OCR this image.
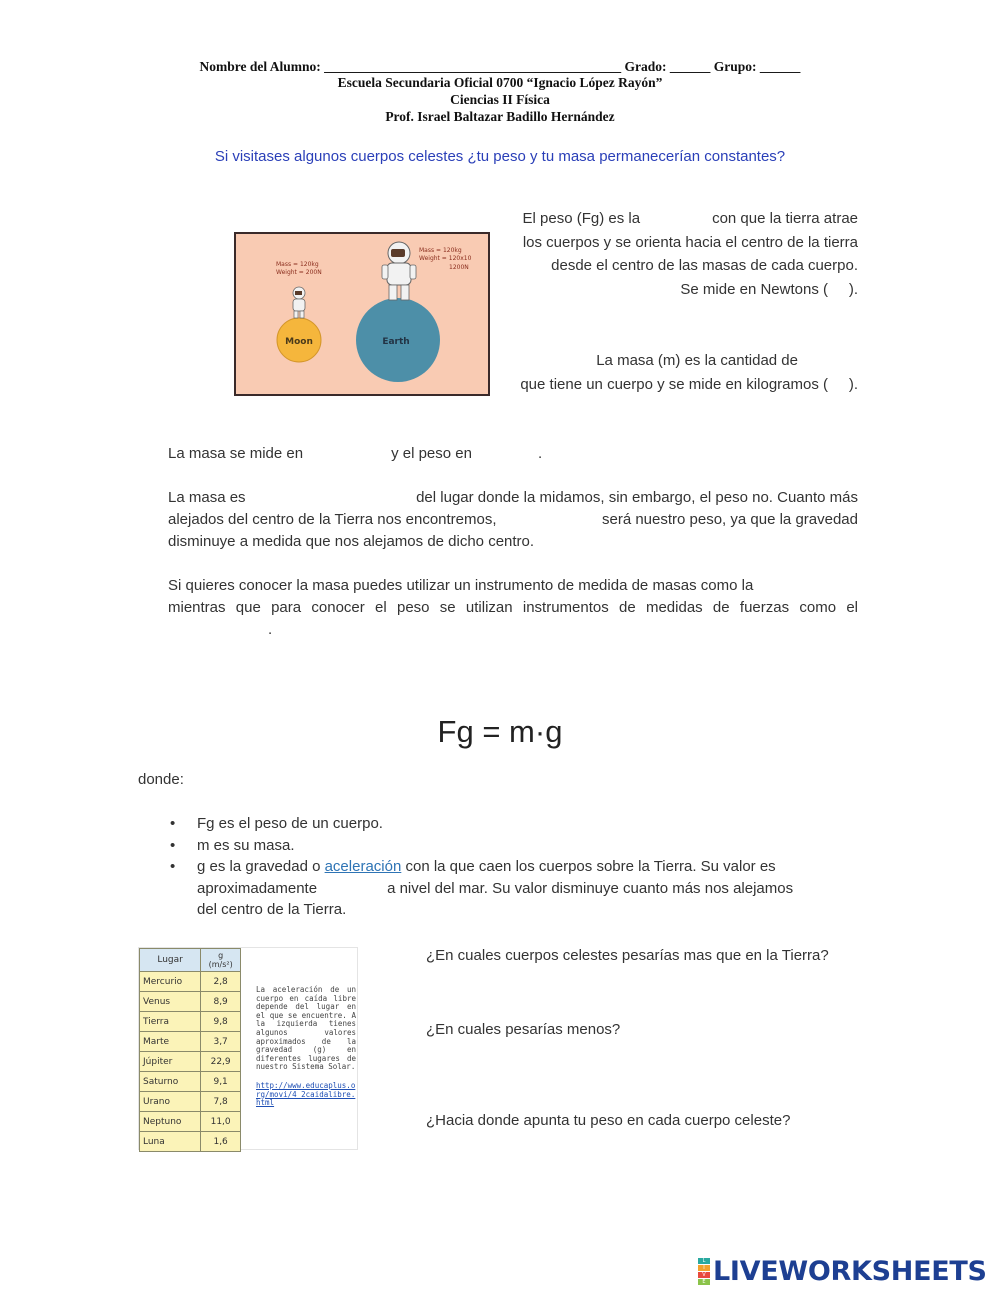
Nombre del Alumno: ____________________________________________ Grado: ______ Grupo: ______
Escuela Secundaria Oficial 0700 “Ignacio López Rayón”
Ciencias II Física
Prof. Israel Baltazar Badillo Hernández
Si visitases algunos cuerpos celestes ¿tu peso y tu masa permanecerían constantes?
Moon	Earth
Mass = 120kg
Weight = 200N
Mass = 120kg
Weight = 120x10
1200N
El peso (Fg) es la	con que la tierra atrae
los cuerpos y se orienta hacia el centro de la tierra
desde el centro de las masas de cada cuerpo.
Se mide en Newtons (     ).
La masa (m) es la cantidad de
que tiene un cuerpo y se mide en kilogramos (     ).
La masa se mide en	y el peso en	.
La masa es	del lugar donde la midamos, sin embargo, el peso no. Cuanto más
alejados del centro de la Tierra nos encontremos,	será nuestro peso, ya que la gravedad
disminuye a medida que nos alejamos de dicho centro.
Si quieres conocer la masa puedes utilizar un instrumento de medida de masas como la
mientras que para conocer el peso se utilizan instrumentos de medidas de fuerzas como el
.
Fg = m·g
donde:
• Fg es el peso de un cuerpo.
• m es su masa.
• g es la gravedad o aceleración con la que caen los cuerpos sobre la Tierra. Su valor es
aproximadamente	a nivel del mar. Su valor disminuye cuanto más nos alejamos
del centro de la Tierra.
Lugar	g
(m/s²)

Mercurio	2,8
Venus	8,9
Tierra	9,8
Marte	3,7
Júpiter	22,9
Saturno	9,1
Urano	7,8
Neptuno	11,0
Luna	1,6
La aceleración de un cuerpo en caída libre depende del lugar en el que se encuentre. A la izquierda tienes algunos valores aproximados de la gravedad (g) en diferentes lugares de nuestro Sistema Solar.
http://www.educaplus.org/movi/4_2caidalibre.html
¿En cuales cuerpos celestes pesarías mas que en la Tierra?
¿En cuales pesarías menos?
¿Hacia donde apunta tu peso en cada cuerpo celeste?
L
I
V
E LIVEWORKSHEETS
